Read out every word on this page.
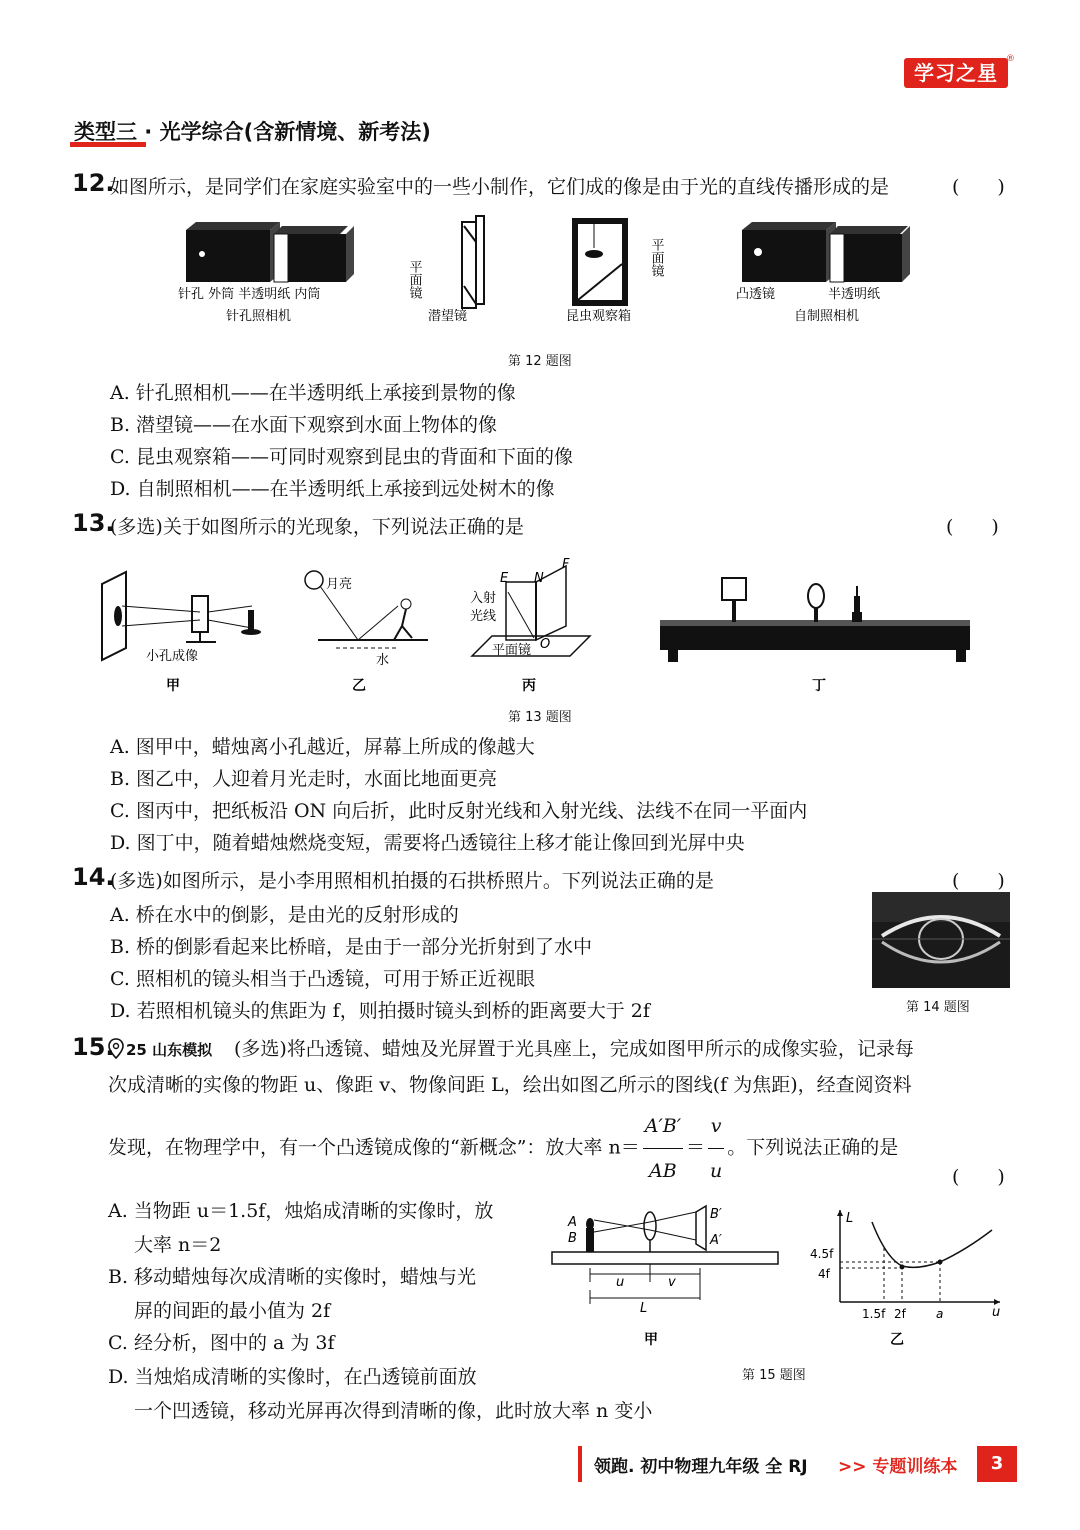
学习之星
®
类型三 · 光学综合(含新情境、新考法)
12.
如图所示，是同学们在家庭实验室中的一些小制作，它们成的像是由于光的直线传播形成的是	(　　)
针孔 外筒 半透明纸 内筒
针孔照相机
平面镜
潜望镜
平面镜
昆虫观察箱
凸透镜	半透明纸
自制照相机
第 12 题图
A. 针孔照相机——在半透明纸上承接到景物的像
B. 潜望镜——在水面下观察到水面上物体的像
C. 昆虫观察箱——可同时观察到昆虫的背面和下面的像
D. 自制照相机——在半透明纸上承接到远处树木的像
13.
(多选)关于如图所示的光现象，下列说法正确的是	(　　)
小孔成像
甲
月亮
水
乙
入射
光线
E N
F
O
平面镜
丙	丁
第 13 题图
A. 图甲中，蜡烛离小孔越近，屏幕上所成的像越大
B. 图乙中，人迎着月光走时，水面比地面更亮
C. 图丙中，把纸板沿 ON 向后折，此时反射光线和入射光线、法线不在同一平面内
D. 图丁中，随着蜡烛燃烧变短，需要将凸透镜往上移才能让像回到光屏中央
14.
(多选)如图所示，是小李用照相机拍摄的石拱桥照片。下列说法正确的是	(　　)
A. 桥在水中的倒影，是由光的反射形成的
B. 桥的倒影看起来比桥暗，是由于一部分光折射到了水中
C. 照相机的镜头相当于凸透镜，可用于矫正近视眼
D. 若照相机镜头的焦距为 f，则拍摄时镜头到桥的距离要大于 2f	第 14 题图
15. 25 山东模拟 (多选)将凸透镜、蜡烛及光屏置于光具座上，完成如图甲所示的成像实验，记录每
次成清晰的实像的物距 u、像距 v、物像间距 L，绘出如图乙所示的图线(f 为焦距)，经查阅资料
发现，在物理学中，有一个凸透镜成像的“新概念”：放大率 $n= \frac{A'B'}{AB} = \frac{v}{u}$ 。下列说法正确的是
(　　)
A. 当物距 u＝1.5f，烛焰成清晰的实像时，放
大率 n＝2
B. 移动蜡烛每次成清晰的实像时，蜡烛与光
屏的间距的最小值为 2f
C. 经分析，图中的 a 为 3f
D. 当烛焰成清晰的实像时，在凸透镜前面放
一个凹透镜，移动光屏再次得到清晰的像，此时放大率 n 变小
A
B
B′
A′
u	v
L
甲
L
4.5f
4f
1.5f 2f	a	u
乙
第 15 题图
领跑. 初中物理九年级 全 RJ >> 专题训练本	3
